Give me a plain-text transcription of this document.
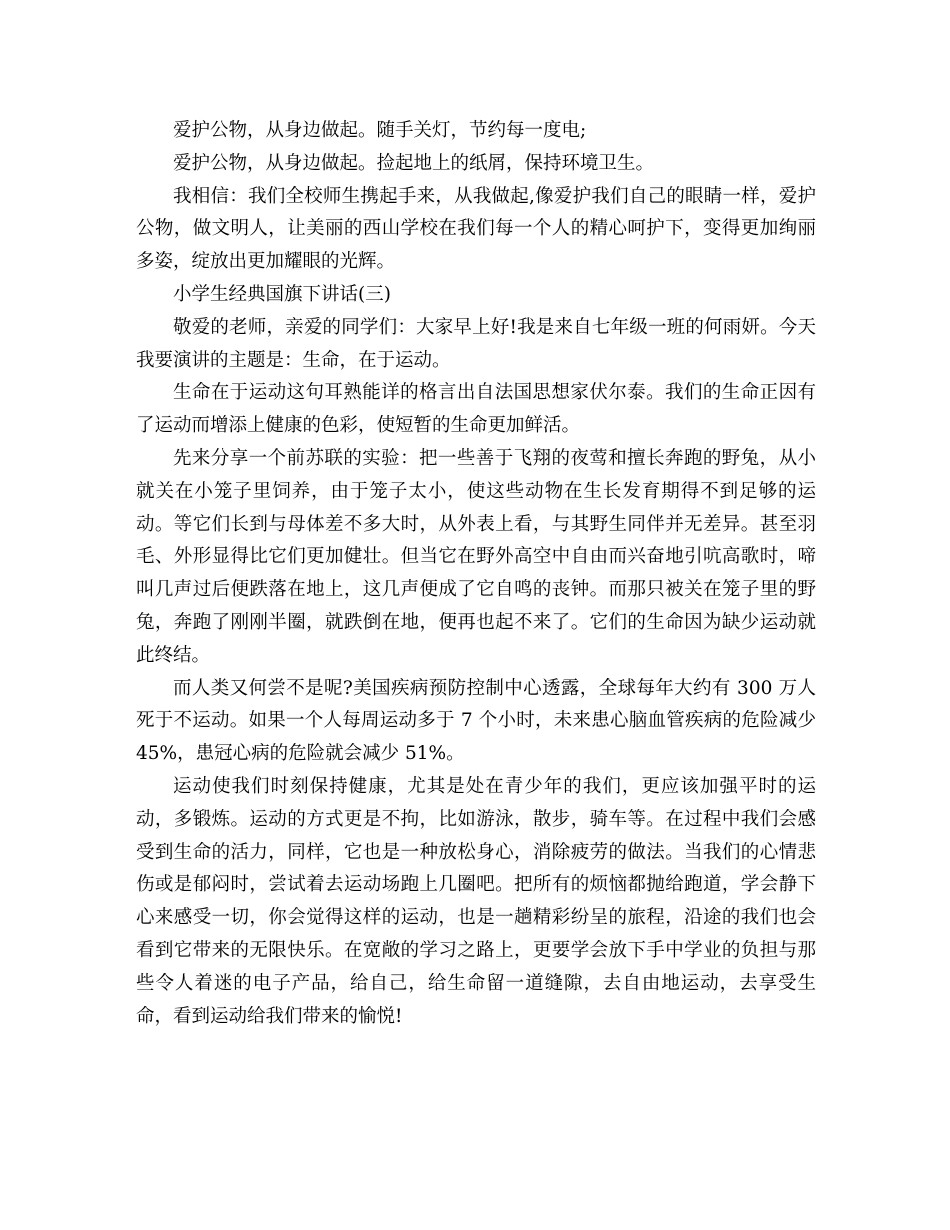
爱护公物，从身边做起。随手关灯，节约每一度电;

爱护公物，从身边做起。捡起地上的纸屑，保持环境卫生。

我相信：我们全校师生携起手来，从我做起,像爱护我们自己的眼睛一样，爱护公物，做文明人，让美丽的西山学校在我们每一个人的精心呵护下，变得更加绚丽多姿，绽放出更加耀眼的光辉。

小学生经典国旗下讲话(三)

敬爱的老师，亲爱的同学们：大家早上好!我是来自七年级一班的何雨妍。今天我要演讲的主题是：生命，在于运动。

生命在于运动这句耳熟能详的格言出自法国思想家伏尔泰。我们的生命正因有了运动而增添上健康的色彩，使短暂的生命更加鲜活。

先来分享一个前苏联的实验：把一些善于飞翔的夜莺和擅长奔跑的野兔，从小就关在小笼子里饲养，由于笼子太小，使这些动物在生长发育期得不到足够的运动。等它们长到与母体差不多大时，从外表上看，与其野生同伴并无差异。甚至羽毛、外形显得比它们更加健壮。但当它在野外高空中自由而兴奋地引吭高歌时，啼叫几声过后便跌落在地上，这几声便成了它自鸣的丧钟。而那只被关在笼子里的野兔，奔跑了刚刚半圈，就跌倒在地，便再也起不来了。它们的生命因为缺少运动就此终结。

而人类又何尝不是呢?美国疾病预防控制中心透露，全球每年大约有 300 万人死于不运动。如果一个人每周运动多于 7 个小时，未来患心脑血管疾病的危险减少 45%，患冠心病的危险就会减少 51%。

运动使我们时刻保持健康，尤其是处在青少年的我们，更应该加强平时的运动，多锻炼。运动的方式更是不拘，比如游泳，散步，骑车等。在过程中我们会感受到生命的活力，同样，它也是一种放松身心，消除疲劳的做法。当我们的心情悲伤或是郁闷时，尝试着去运动场跑上几圈吧。把所有的烦恼都抛给跑道，学会静下心来感受一切，你会觉得这样的运动，也是一趟精彩纷呈的旅程，沿途的我们也会看到它带来的无限快乐。在宽敞的学习之路上，更要学会放下手中学业的负担与那些令人着迷的电子产品，给自己，给生命留一道缝隙，去自由地运动，去享受生命，看到运动给我们带来的愉悦!
